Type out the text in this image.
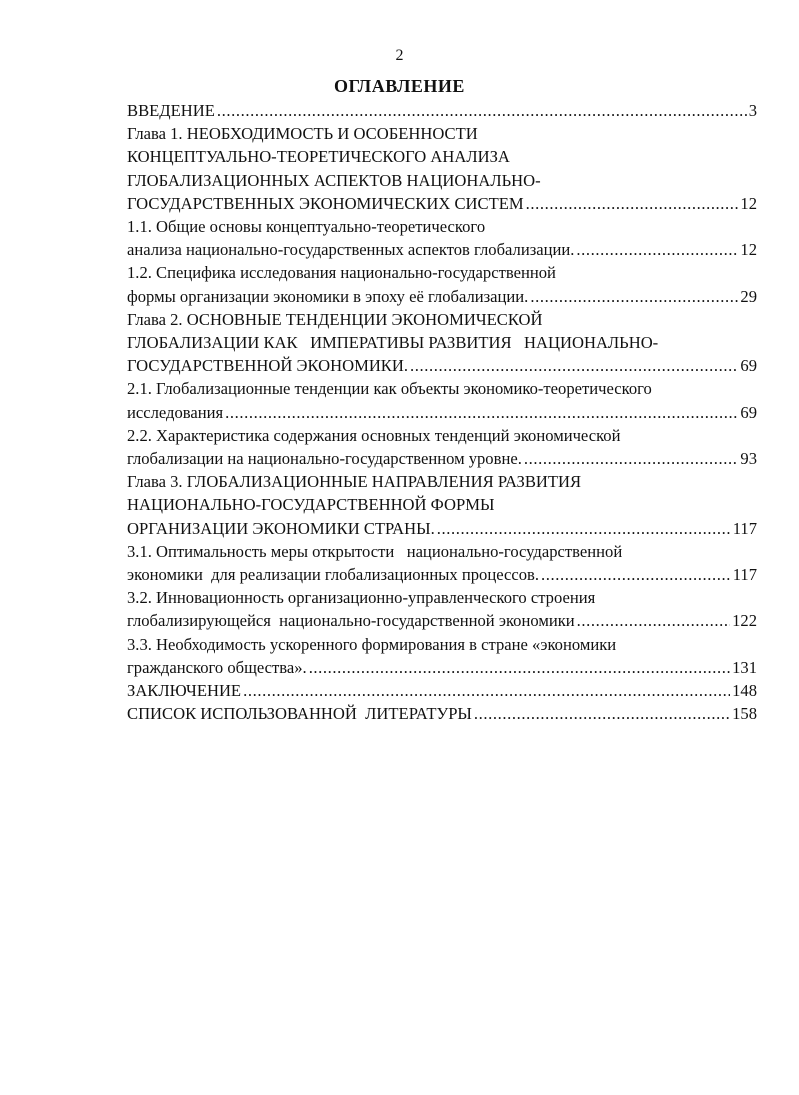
2
ОГЛАВЛЕНИЕ
ВВЕДЕНИЕ .....	3
Глава 1. НЕОБХОДИМОСТЬ И ОСОБЕННОСТИ
КОНЦЕПТУАЛЬНО-ТЕОРЕТИЧЕСКОГО АНАЛИЗА
ГЛОБАЛИЗАЦИОННЫХ АСПЕКТОВ НАЦИОНАЛЬНО-
ГОСУДАРСТВЕННЫХ ЭКОНОМИЧЕСКИХ СИСТЕМ .....	12
1.1. Общие основы концептуально-теоретического
анализа национально-государственных аспектов глобализации. .....	12
1.2. Специфика исследования национально-государственной
формы организации экономики в эпоху её глобализации. .....	29
Глава 2. ОСНОВНЫЕ ТЕНДЕНЦИИ ЭКОНОМИЧЕСКОЙ
ГЛОБАЛИЗАЦИИ КАК   ИМПЕРАТИВЫ РАЗВИТИЯ   НАЦИОНАЛЬНО-
ГОСУДАРСТВЕННОЙ ЭКОНОМИКИ. .....	69
2.1. Глобализационные тенденции как объекты экономико-теоретического
исследования .....	69
2.2. Характеристика содержания основных тенденций экономической
глобализации на национально-государственном уровне. .....	93
Глава 3. ГЛОБАЛИЗАЦИОННЫЕ НАПРАВЛЕНИЯ РАЗВИТИЯ
НАЦИОНАЛЬНО-ГОСУДАРСТВЕННОЙ ФОРМЫ
ОРГАНИЗАЦИИ ЭКОНОМИКИ СТРАНЫ. .....	117
3.1. Оптимальность меры открытости   национально-государственной
экономики  для реализации глобализационных процессов. .....	117
3.2. Инновационность организационно-управленческого строения
глобализирующейся  национально-государственной экономики .....	122
3.3. Необходимость ускоренного формирования в стране «экономики
гражданского общества». .....	131
ЗАКЛЮЧЕНИЕ .....	148
СПИСОК ИСПОЛЬЗОВАННОЙ  ЛИТЕРАТУРЫ .....	158
